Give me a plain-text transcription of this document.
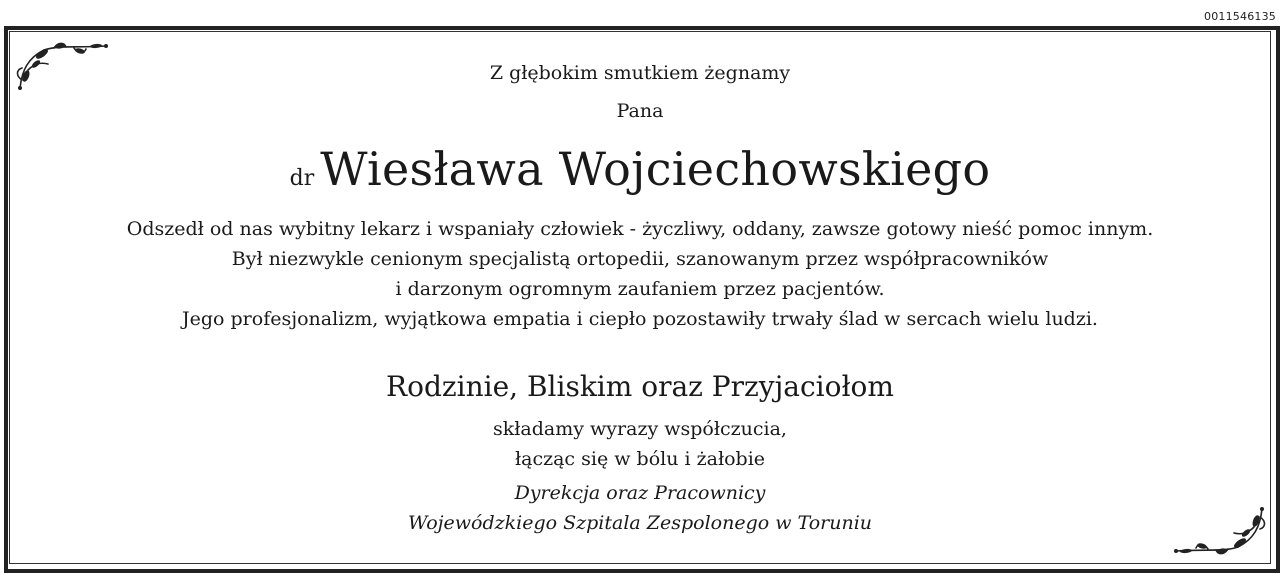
0011546135
Z głębokim smutkiem żegnamy
Pana
dr Wiesława Wojciechowskiego
Odszedł od nas wybitny lekarz i wspaniały człowiek - życzliwy, oddany, zawsze gotowy nieść pomoc innym.
Był niezwykle cenionym specjalistą ortopedii, szanowanym przez współpracowników
i darzonym ogromnym zaufaniem przez pacjentów.
Jego profesjonalizm, wyjątkowa empatia i ciepło pozostawiły trwały ślad w sercach wielu ludzi.
Rodzinie, Bliskim oraz Przyjaciołom
składamy wyrazy współczucia,
łącząc się w bólu i żałobie
Dyrekcja oraz Pracownicy
Wojewódzkiego Szpitala Zespolonego w Toruniu
